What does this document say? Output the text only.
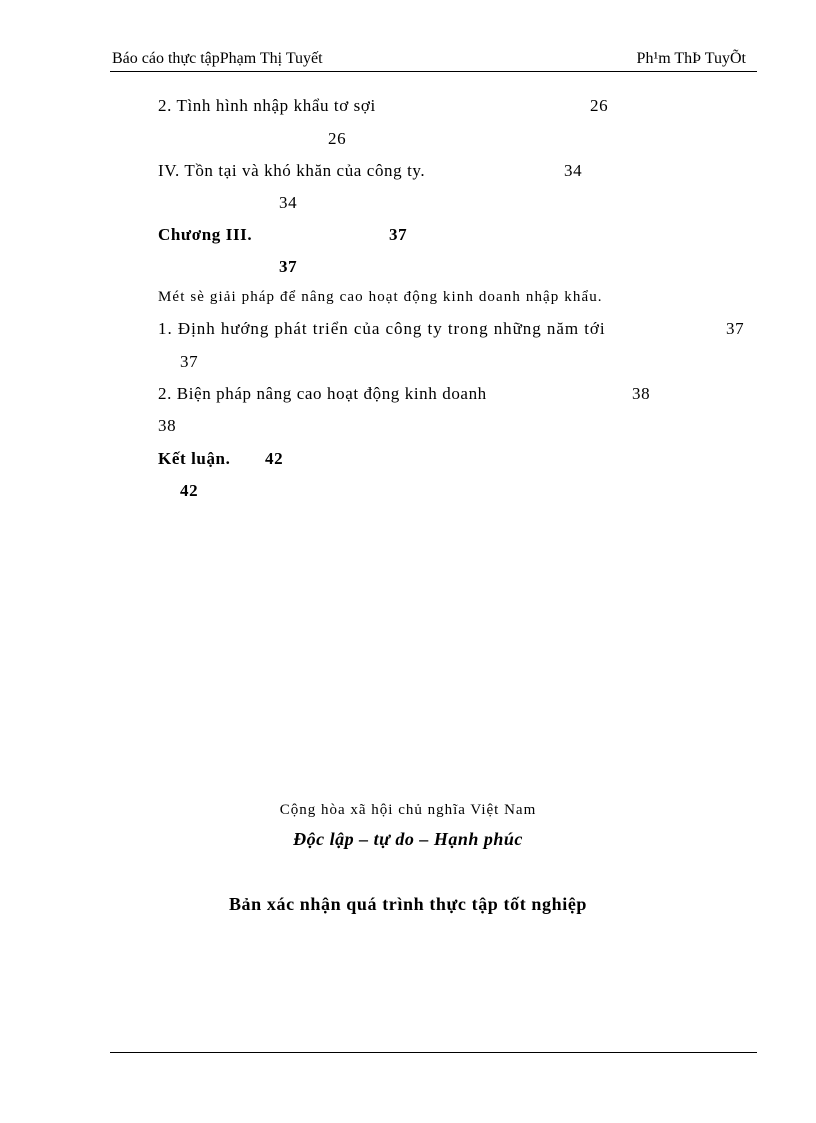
Báo cáo thực tậpPhạm Thị Tuyết	Ph¹m ThÞ TuyÕt
2. Tình hình nhập khẩu tơ sợi	26
26
IV. Tồn tại và khó khăn của công ty.	34
34
Chương III.	37
37
Mét sè giải pháp để nâng cao hoạt động kinh doanh nhập khẩu.
1. Định hướng phát triển của công ty trong những năm tới	37
37
2. Biện pháp nâng cao hoạt động kinh doanh	38
38
Kết luận. 42
42
Cộng hòa xã hội chủ nghĩa Việt Nam
Độc lập – tự do – Hạnh phúc
Bản xác nhận quá trình thực tập tốt nghiệp
